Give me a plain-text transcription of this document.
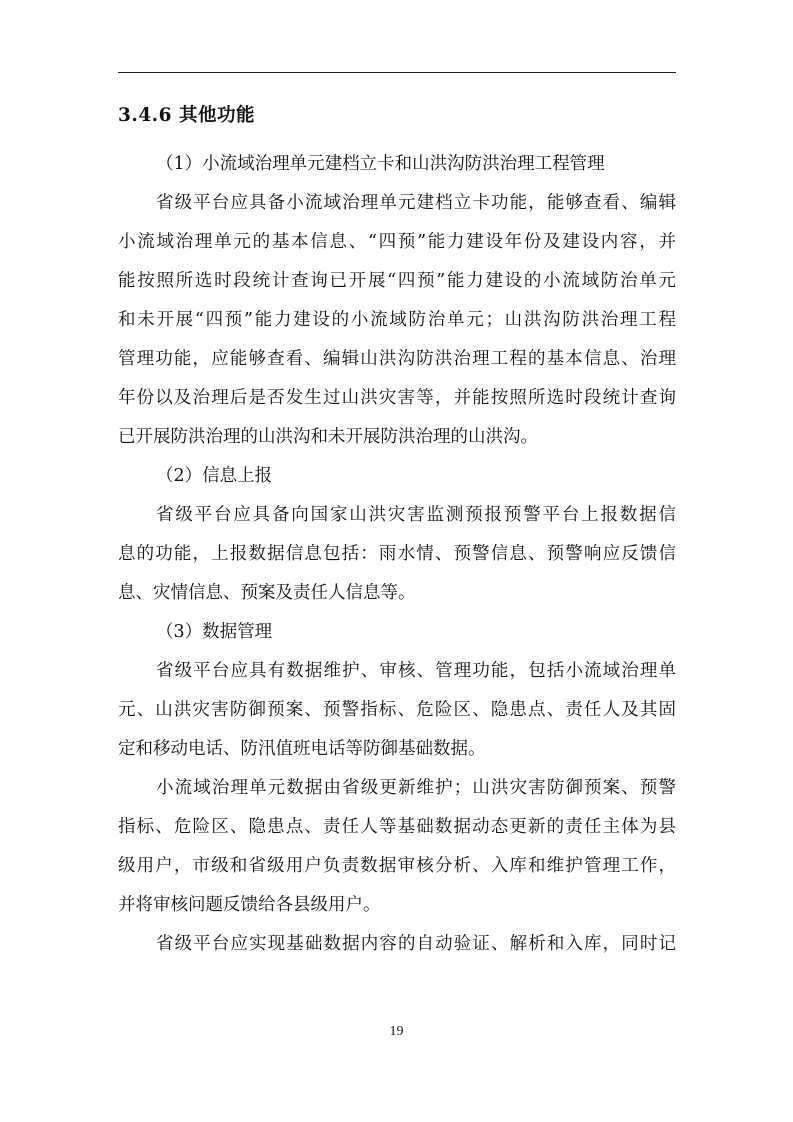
3.4.6 其他功能
（1）小流域治理单元建档立卡和山洪沟防洪治理工程管理
省级平台应具备小流域治理单元建档立卡功能，能够查看、编辑
小流域治理单元的基本信息、“四预”能力建设年份及建设内容，并
能按照所选时段统计查询已开展“四预”能力建设的小流域防治单元
和未开展“四预”能力建设的小流域防治单元；山洪沟防洪治理工程
管理功能，应能够查看、编辑山洪沟防洪治理工程的基本信息、治理
年份以及治理后是否发生过山洪灾害等，并能按照所选时段统计查询
已开展防洪治理的山洪沟和未开展防洪治理的山洪沟。
（2）信息上报
省级平台应具备向国家山洪灾害监测预报预警平台上报数据信
息的功能，上报数据信息包括：雨水情、预警信息、预警响应反馈信
息、灾情信息、预案及责任人信息等。
（3）数据管理
省级平台应具有数据维护、审核、管理功能，包括小流域治理单
元、山洪灾害防御预案、预警指标、危险区、隐患点、责任人及其固
定和移动电话、防汛值班电话等防御基础数据。
小流域治理单元数据由省级更新维护；山洪灾害防御预案、预警
指标、危险区、隐患点、责任人等基础数据动态更新的责任主体为县
级用户，市级和省级用户负责数据审核分析、入库和维护管理工作，
并将审核问题反馈给各县级用户。
省级平台应实现基础数据内容的自动验证、解析和入库，同时记
19
